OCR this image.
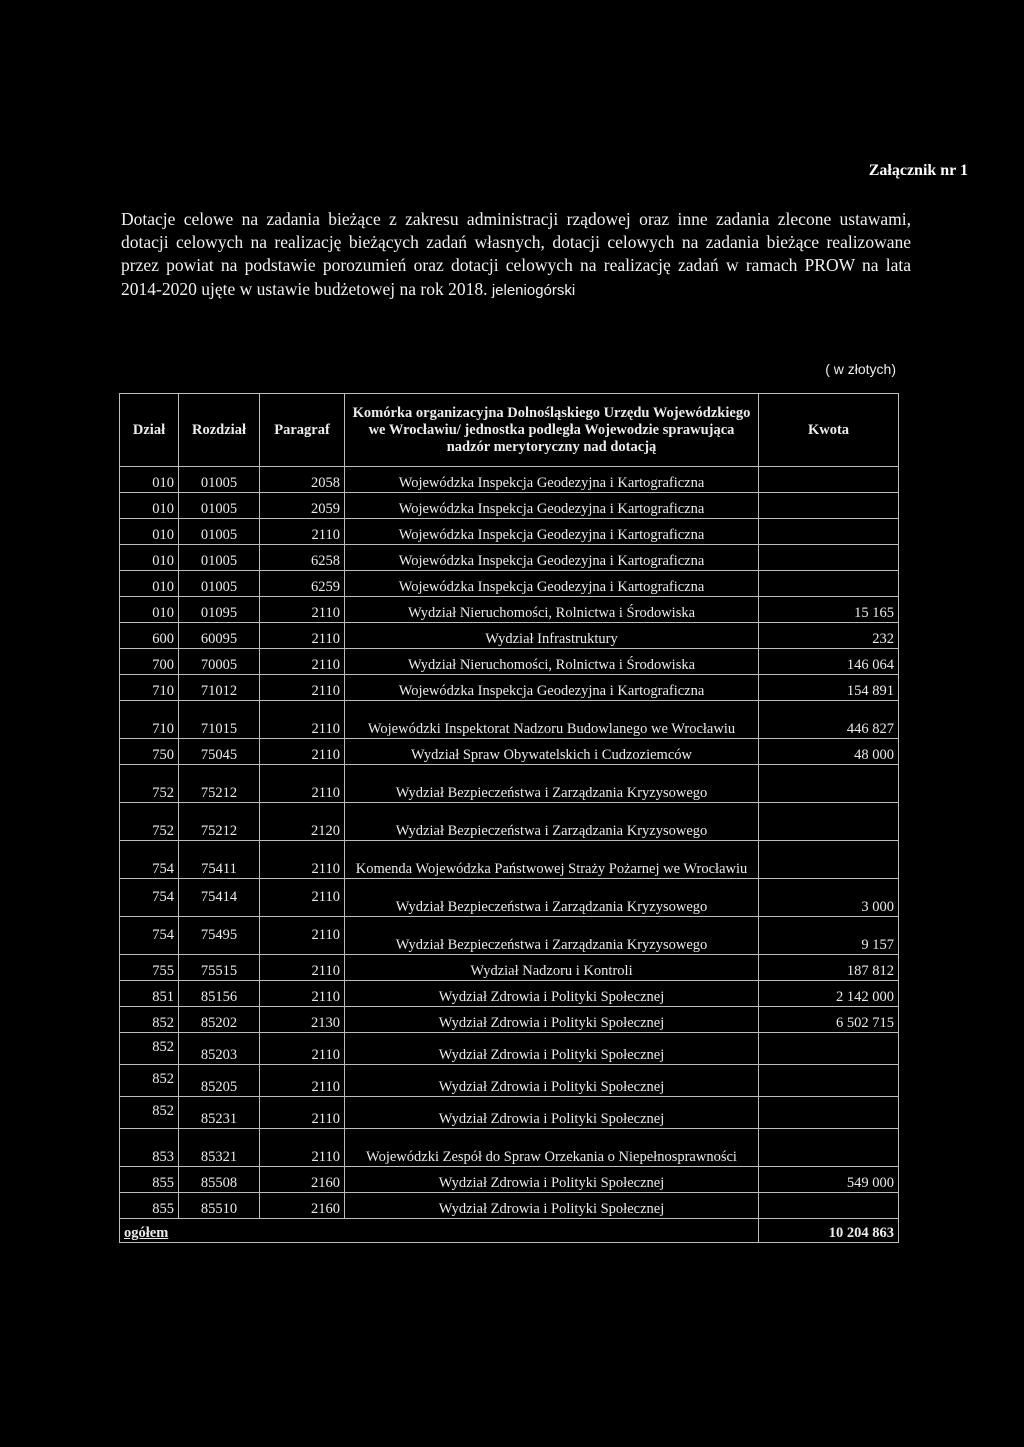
Załącznik nr 1
Dotacje celowe na zadania bieżące z zakresu administracji rządowej oraz inne zadania zlecone ustawami, dotacji celowych na realizację bieżących zadań własnych, dotacji celowych na zadania bieżące realizowane przez powiat na podstawie porozumień oraz dotacji celowych na realizację zadań w ramach PROW na lata 2014-2020 ujęte w ustawie budżetowej na rok 2018. jeleniogórski
( w złotych)
Dział	Rozdział	Paragraf	Komórka organizacyjna Dolnośląskiego Urzędu Wojewódzkiego we Wrocławiu/ jednostka podległa Wojewodzie sprawująca nadzór merytoryczny nad dotacją	Kwota
010	01005	2058	Wojewódzka Inspekcja Geodezyjna i Kartograficzna	
010	01005	2059	Wojewódzka Inspekcja Geodezyjna i Kartograficzna	
010	01005	2110	Wojewódzka Inspekcja Geodezyjna i Kartograficzna	
010	01005	6258	Wojewódzka Inspekcja Geodezyjna i Kartograficzna	
010	01005	6259	Wojewódzka Inspekcja Geodezyjna i Kartograficzna	
010	01095	2110	Wydział Nieruchomości, Rolnictwa i Środowiska	15 165
600	60095	2110	Wydział Infrastruktury	232
700	70005	2110	Wydział Nieruchomości, Rolnictwa i Środowiska	146 064
710	71012	2110	Wojewódzka Inspekcja Geodezyjna i Kartograficzna	154 891
710	71015	2110	Wojewódzki Inspektorat Nadzoru Budowlanego we Wrocławiu	446 827
750	75045	2110	Wydział Spraw Obywatelskich i Cudzoziemców	48 000
752	75212	2110	Wydział Bezpieczeństwa i Zarządzania Kryzysowego	
752	75212	2120	Wydział Bezpieczeństwa i Zarządzania Kryzysowego	
754	75411	2110	Komenda Wojewódzka Państwowej Straży Pożarnej we Wrocławiu	
754	75414	2110	Wydział Bezpieczeństwa i Zarządzania Kryzysowego	3 000
754	75495	2110	Wydział Bezpieczeństwa i Zarządzania Kryzysowego	9 157
755	75515	2110	Wydział Nadzoru i Kontroli	187 812
851	85156	2110	Wydział Zdrowia i Polityki Społecznej	2 142 000
852	85202	2130	Wydział Zdrowia i Polityki Społecznej	6 502 715
852	85203	2110	Wydział Zdrowia i Polityki Społecznej	
852	85205	2110	Wydział Zdrowia i Polityki Społecznej	
852	85231	2110	Wydział Zdrowia i Polityki Społecznej	
853	85321	2110	Wojewódzki Zespół do Spraw Orzekania o Niepełnosprawności	
855	85508	2160	Wydział Zdrowia i Polityki Społecznej	549 000
855	85510	2160	Wydział Zdrowia i Polityki Społecznej	
ogółem				10 204 863
